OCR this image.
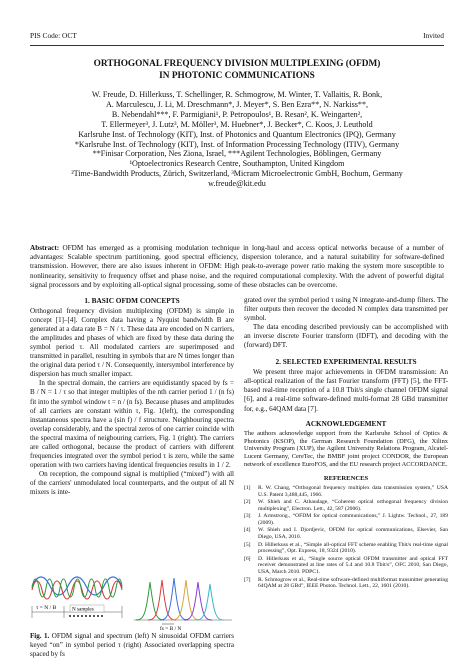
PIS Code: OCT	Invited
ORTHOGONAL FREQUENCY DIVISION MULTIPLEXING (OFDM)
IN PHOTONIC COMMUNICATIONS
W. Freude, D. Hillerkuss, T. Schellinger, R. Schmogrow, M. Winter, T. Vallaitis, R. Bonk,
A. Marculescu, J. Li, M. Dreschmann*, J. Meyer*, S. Ben Ezra**, N. Narkiss**,
B. Nebendahl***, F. Parmigiani¹, P. Petropoulos¹, B. Resan², K. Weingarten²,
T. Ellermeyer³, J. Lutz³, M. Möller³, M. Huebner*, J. Becker*, C. Koos, J. Leuthold
Karlsruhe Inst. of Technology (KIT), Inst. of Photonics and Quantum Electronics (IPQ), Germany
*Karlsruhe Inst. of Technology (KIT), Inst. of Information Processing Technology (ITIV), Germany
**Finisar Corporation, Nes Ziona, Israel, ***Agilent Technologies, Böblingen, Germany
¹Optoelectronics Research Centre, Southampton, United Kingdom
²Time-Bandwidth Products, Zürich, Switzerland, ³Micram Microelectronic GmbH, Bochum, Germany
w.freude@kit.edu
Abstract: OFDM has emerged as a promising modulation technique in long-haul and access optical networks because of a number of advantages: Scalable spectrum partitioning, good spectral efficiency, dispersion tolerance, and a natural suitability for software-defined transmission. However, there are also issues inherent in OFDM: High peak-to-average power ratio making the system more susceptible to nonlinearity, sensitivity to frequency offset and phase noise, and the required computational complexity. With the advent of powerful digital signal processors and by exploiting all-optical signal processing, some of these obstacles can be overcome.
1. BASIC OFDM CONCEPTS

Orthogonal frequency division multiplexing (OFDM) is simple in concept [1]–[4]. Complex data having a Nyquist bandwidth B are generated at a data rate B = N / τ. These data are encoded on N carriers, the amplitudes and phases of which are fixed by these data during the symbol period τ. All modulated carriers are superimposed and transmitted in parallel, resulting in symbols that are N times longer than the original data period τ / N. Consequently, intersymbol interference by dispersion has much smaller impact.

In the spectral domain, the carriers are equidistantly spaced by fs = B / N = 1 / τ so that integer multiples of the nth carrier period 1 / (n fs) fit into the symbol window t = n / (n fs). Because phases and amplitudes of all carriers are constant within τ, Fig. 1(left), the corresponding instantaneous spectra have a (sin f) / f structure. Neighbouring spectra overlap considerably, and the spectral zeros of one carrier coincide with the spectral maxima of neigbouring carriers, Fig. 1 (right). The carriers are called orthogonal, because the product of carriers with different frequencies integrated over the symbol period τ is zero, while the same operation with two carriers having identical frequencies results in 1 / 2.

On reception, the compound signal is multiplied (“mixed”) with all of the carriers' unmodulated local counterparts, and the output of all N mixers is inte-

τ = N / B	N samples
fs = B / N
Fig. 1. OFDM signal and spectrum (left) N sinusoidal OFDM carriers keyed “on” in symbol period τ (right) Associated overlapping spectra spaced by fs

grated over the symbol period τ using N integrate-and-dump filters. The filter outputs then recover the decoded N complex data transmitted per symbol.

The data encoding described previously can be accomplished with an inverse discrete Fourier transform (IDFT), and decoding with the (forward) DFT.

2. SELECTED EXPERIMENTAL RESULTS

We present three major achievements in OFDM transmission: An all-optical realization of the fast Fourier transform (FFT) [5], the FFT-based real-time reception of a 10.8 Tbit/s single channel OFDM signal [6], and a real-time software-defined multi-format 28 GBd transmitter for, e.g., 64QAM data [7].

ACKNOWLEDGEMENT

The authors acknowledge support from the Karlsruhe School of Optics & Photonics (KSOP), the German Research Foundation (DFG), the Xilinx University Program (XUP), the Agilent University Relations Program, Alcatel-Lucent Germany, CereTec, the BMBF joint project CONDOR, the European network of excellence EuroFOS, and the EU research project ACCORDANCE.

REFERENCES
[1]	R. W. Chang, “Orthogonal frequency multiplex data transmission system,” USA U.S. Patent 3,488,445, 1966.
[2]	W. Shieh and C. Athaudage, “Coherent optical orthogonal frequency division multiplexing”, Electron. Lett., 42, 587 (2006).
[3]	J. Armstrong., “OFDM for optical communications,” J. Lightw. Technol., 27, 189 (2009).
[4]	W. Shieh and I. Djordjevic, OFDM for optical communications, Elsevier, San Diego, USA, 2010.
[5]	D. Hillerkuss et al., “Simple all-optical FFT scheme enabling Tbit/s real-time signal processing”, Opt. Express, 18, 9324 (2010).
[6]	D. Hillerkuss et al., “Single source optical OFDM transmitter and optical FFT receiver demonstrated at line rates of 5.4 and 10.8 Tbit/s”, OFC 2010, San Diego, USA, March 2010. PDPC1.
[7]	R. Schmogrow et al., Real-time software-defined multiformat transmitter generating 64QAM at 28 GBd”, IEEE Photon. Technol. Lett., 22, 1601 (2010).
